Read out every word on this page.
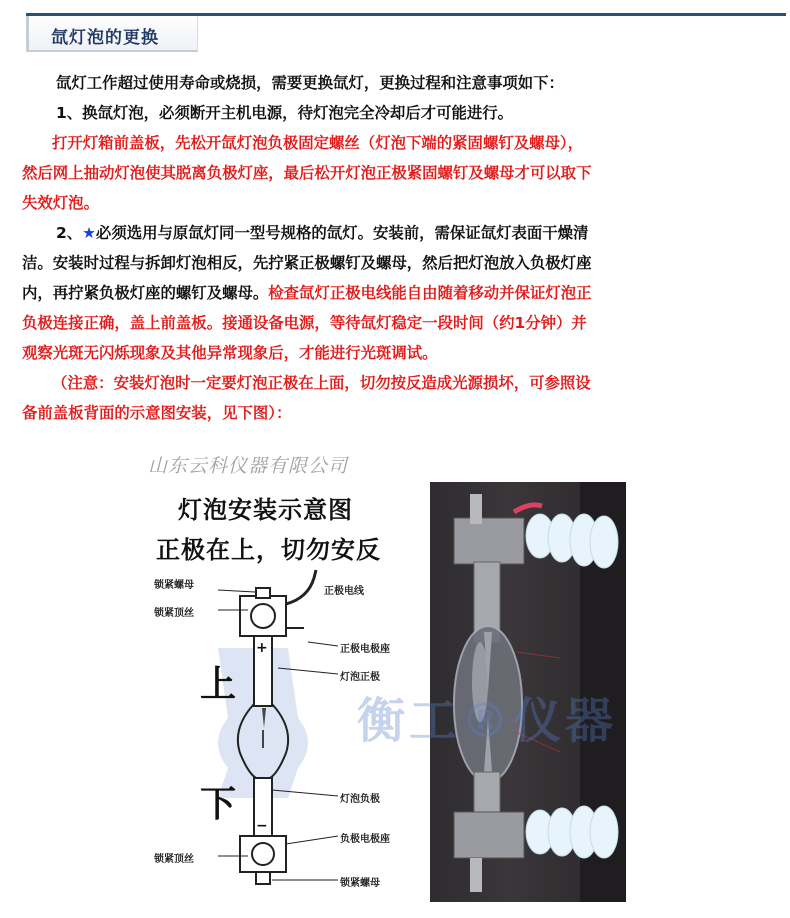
氙灯泡的更换

氙灯工作超过使用寿命或烧损，需要更换氙灯，更换过程和注意事项如下：

1、换氙灯泡，必须断开主机电源，待灯泡完全冷却后才可能进行。

打开灯箱前盖板，先松开氙灯泡负极固定螺丝（灯泡下端的紧固螺钉及螺母），

然后网上抽动灯泡使其脱离负极灯座，最后松开灯泡正极紧固螺钉及螺母才可以取下

失效灯泡。

2、★必须选用与原氙灯同一型号规格的氙灯。安装前，需保证氙灯表面干燥清

洁。安装时过程与拆卸灯泡相反，先拧紧正极螺钉及螺母，然后把灯泡放入负极灯座

内，再拧紧负极灯座的螺钉及螺母。检查氙灯正极电线能自由随着移动并保证灯泡正

负极连接正确，盖上前盖板。接通设备电源，等待氙灯稳定一段时间（约1分钟）并

观察光斑无闪烁现象及其他异常现象后，才能进行光斑调试。

（注意：安装灯泡时一定要灯泡正极在上面，切勿按反造成光源损坏，可参照设

备前盖板背面的示意图安装，见下图）：

山东云科仪器有限公司
+
−
灯泡安装示意图
正极在上，切勿安反
锁紧螺母
锁紧顶丝
正极电线
正极电极座
灯泡正极
灯泡负极
负极电极座
锁紧顶丝
锁紧螺母
上
下
衡工®仪器
